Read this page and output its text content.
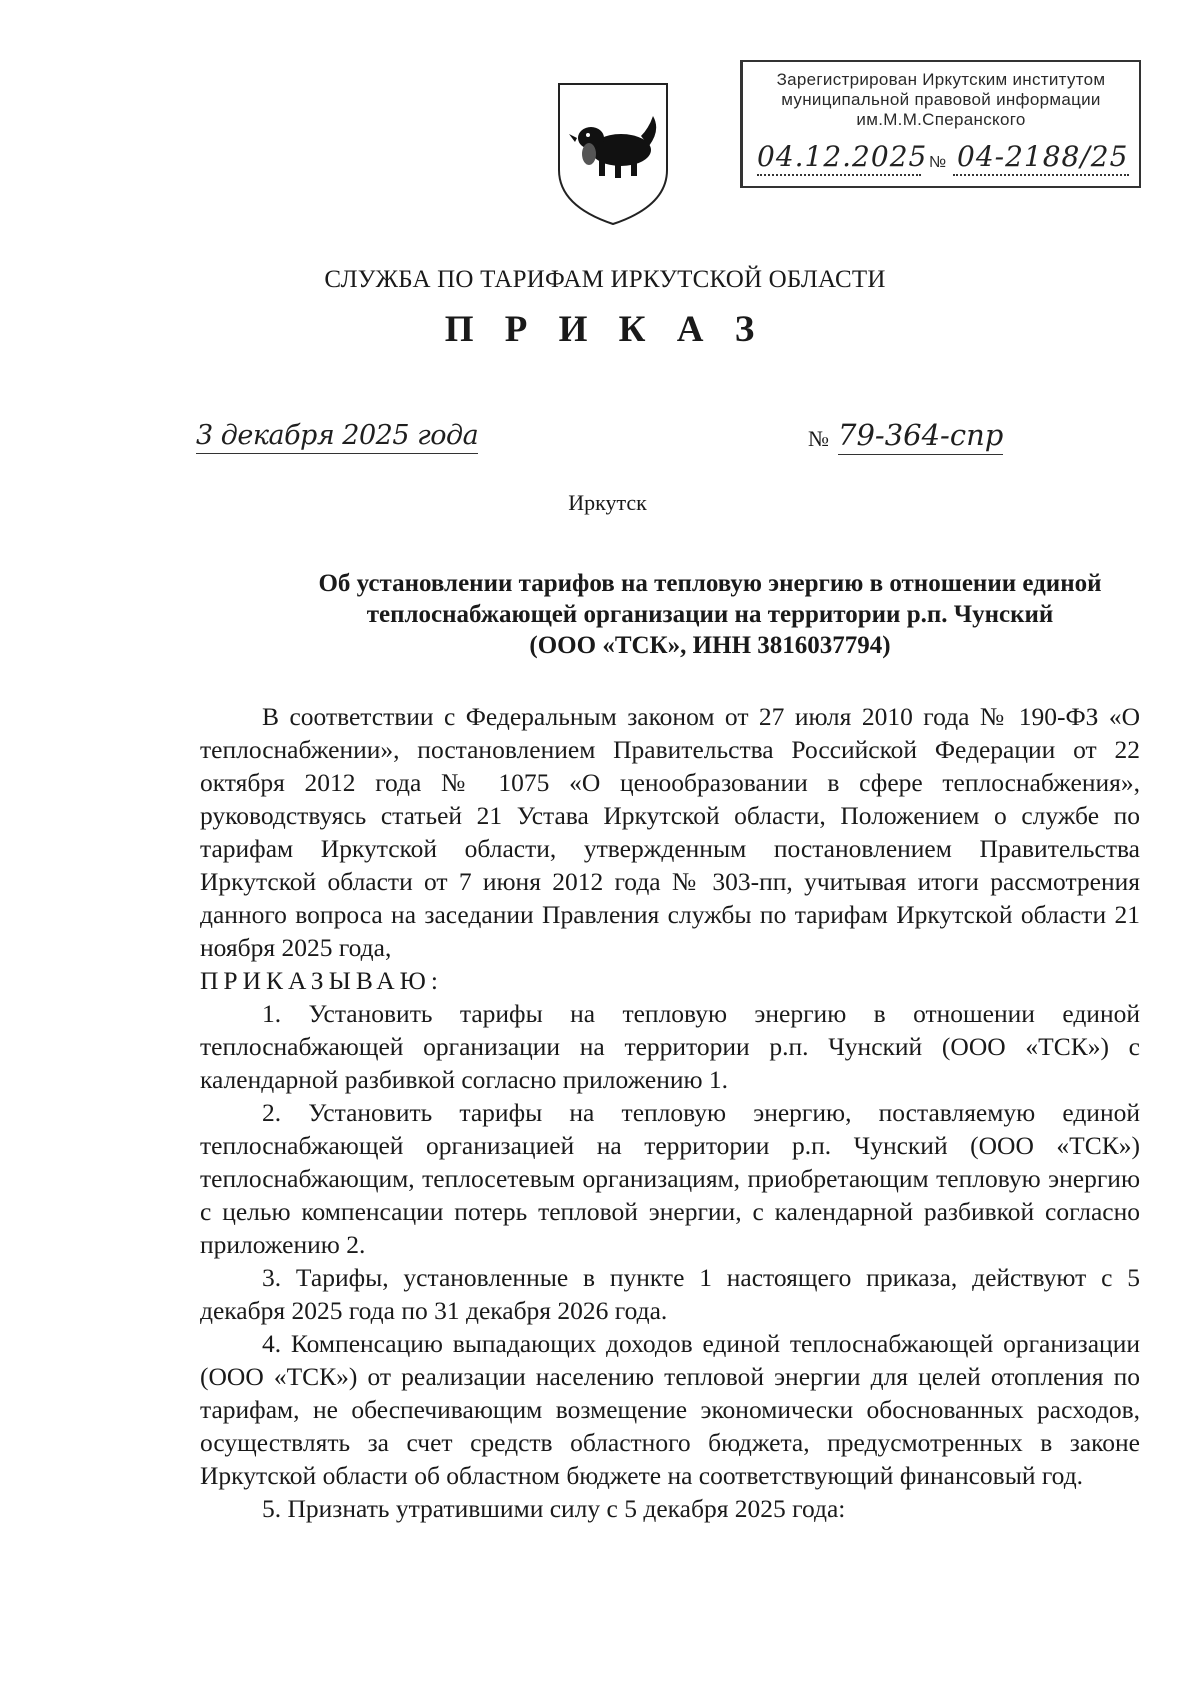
Зарегистрирован Иркутским институтом
муниципальной правовой информации
им.М.М.Сперанского
04.12.2025 № 04-2188/25
СЛУЖБА ПО ТАРИФАМ ИРКУТСКОЙ ОБЛАСТИ
П Р И К А З
3 декабря 2025 года	№ 79-364-спр
Иркутск
Об установлении тарифов на тепловую энергию в отношении единой
теплоснабжающей организации на территории р.п. Чунский
(ООО «ТСК», ИНН 3816037794)

В соответствии с Федеральным законом от 27 июля 2010 года № 190-ФЗ «О теплоснабжении», постановлением Правительства Российской Федерации от 22 октября 2012 года № 1075 «О ценообразовании в сфере теплоснабжения», руководствуясь статьей 21 Устава Иркутской области, Положением о службе по тарифам Иркутской области, утвержденным постановлением Правительства Иркутской области от 7 июня 2012 года № 303-пп, учитывая итоги рассмотрения данного вопроса на заседании Правления службы по тарифам Иркутской области 21 ноября 2025 года,

ПРИКАЗЫВАЮ:

1. Установить тарифы на тепловую энергию в отношении единой теплоснабжающей организации на территории р.п. Чунский (ООО «ТСК») с календарной разбивкой согласно приложению 1.

2. Установить тарифы на тепловую энергию, поставляемую единой теплоснабжающей организацией на территории р.п. Чунский (ООО «ТСК») теплоснабжающим, теплосетевым организациям, приобретающим тепловую энергию с целью компенсации потерь тепловой энергии, с календарной разбивкой согласно приложению 2.

3. Тарифы, установленные в пункте 1 настоящего приказа, действуют с 5 декабря 2025 года по 31 декабря 2026 года.

4. Компенсацию выпадающих доходов единой теплоснабжающей организации (ООО «ТСК») от реализации населению тепловой энергии для целей отопления по тарифам, не обеспечивающим возмещение экономически обоснованных расходов, осуществлять за счет средств областного бюджета, предусмотренных в законе Иркутской области об областном бюджете на соответствующий финансовый год.

5. Признать утратившими силу с 5 декабря 2025 года:
